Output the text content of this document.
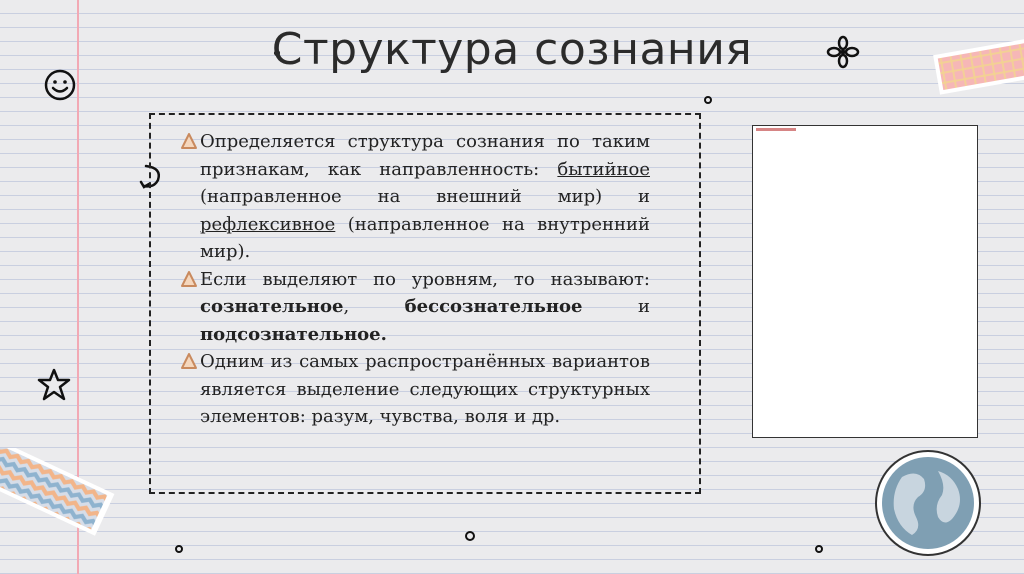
Структура сознания
Определяется структура сознания по таким признакам, как направленность: бытийное (направленное на внешний мир) и рефлексивное (направленное на внутренний мир).
Если выделяют по уровням, то называют: сознательное, бессознательное и подсознательное.
Одним из самых распространённых вариантов является выделение следующих структурных элементов: разум, чувства, воля и др.
